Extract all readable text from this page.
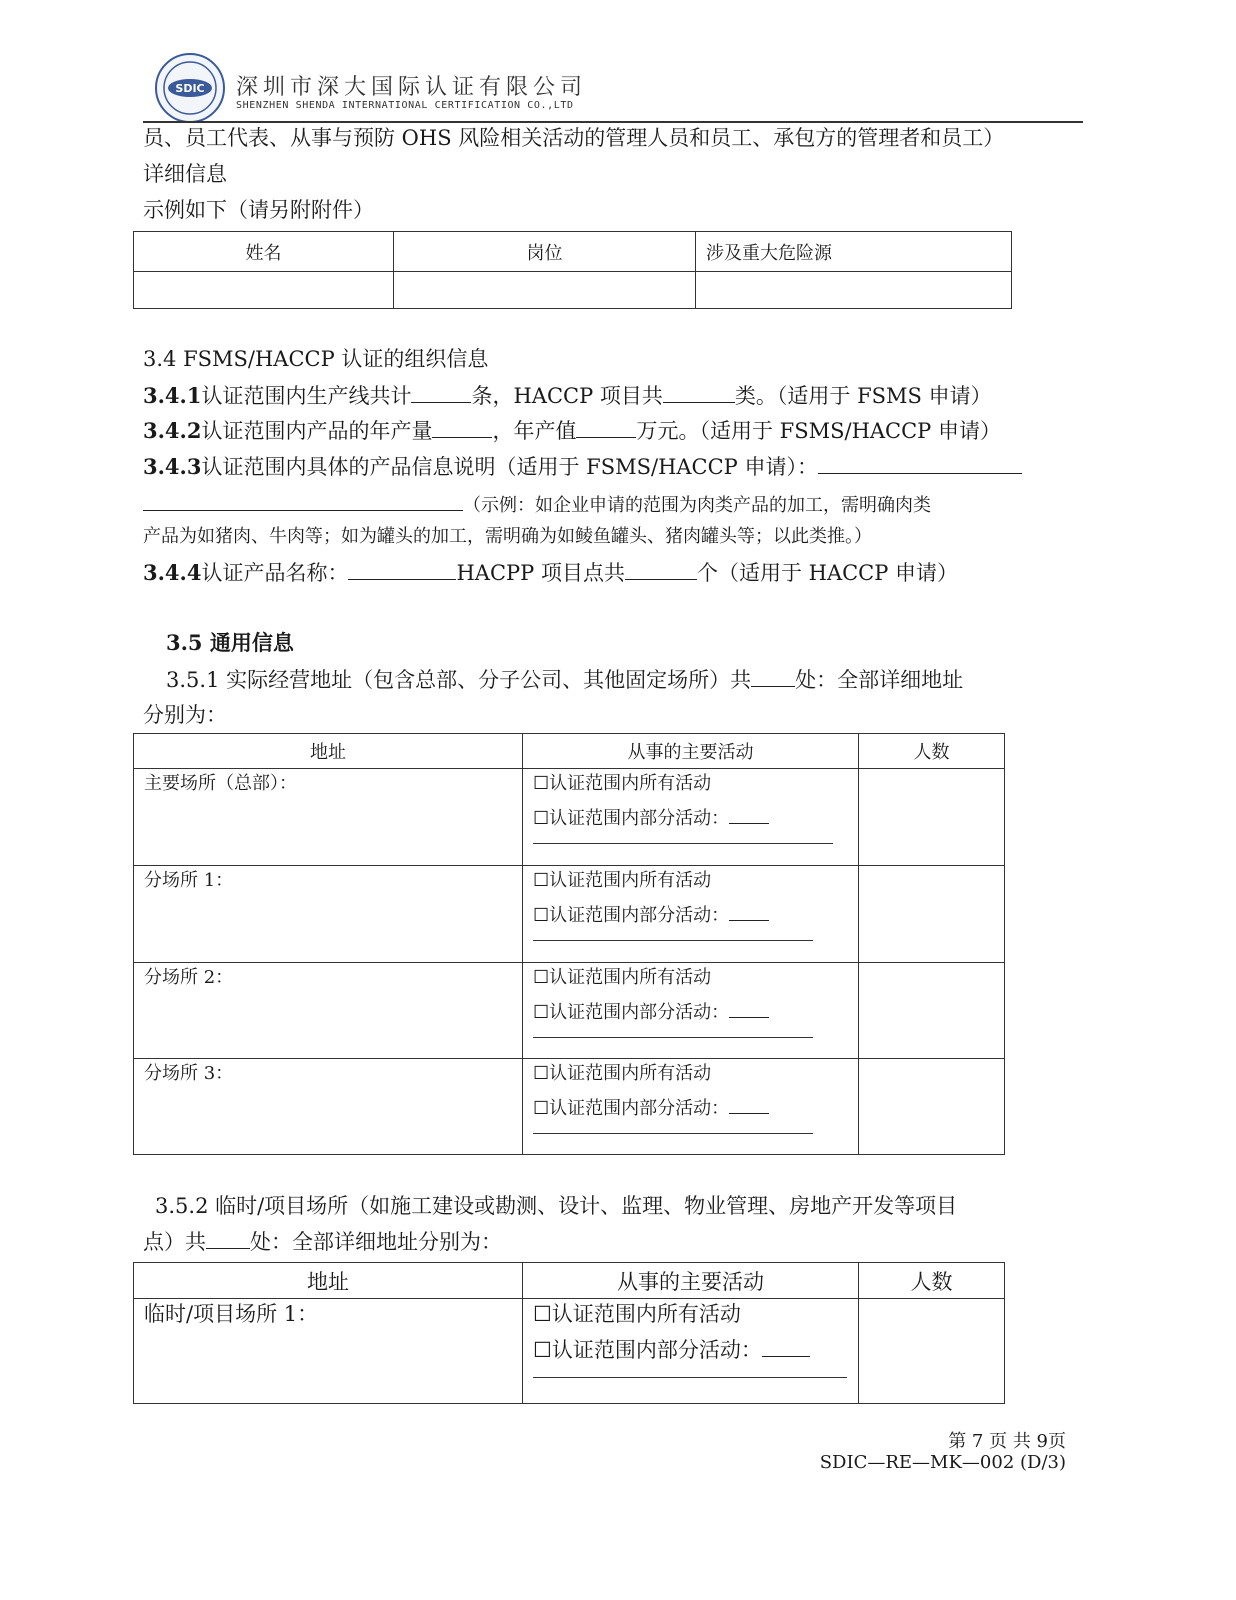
SDIC 深圳市深大国际认证有限公司
SHENZHEN SHENDA INTERNATIONAL CERTIFICATION CO.,LTD
员、员工代表、从事与预防 OHS 风险相关活动的管理人员和员工、承包方的管理者和员工）
详细信息
示例如下（请另附附件）
姓名	岗位	涉及重大危险源

3.4 FSMS/HACCP 认证的组织信息
3.4.1认证范围内生产线共计	条，HACCP 项目共	类。（适用于 FSMS 申请）
3.4.2认证范围内产品的年产量	，年产值	万元。（适用于 FSMS/HACCP 申请）
3.4.3认证范围内具体的产品信息说明（适用于 FSMS/HACCP 申请）：
（示例：如企业申请的范围为肉类产品的加工，需明确肉类
产品为如猪肉、牛肉等；如为罐头的加工，需明确为如鲮鱼罐头、猪肉罐头等；以此类推。）
3.4.4认证产品名称：	HACPP 项目点共	个（适用于 HACCP 申请）
3.5 通用信息
3.5.1 实际经营地址（包含总部、分子公司、其他固定场所）共 处：全部详细地址
分别为：
地址	从事的主要活动	人数

主要场所（总部）：	☐认证范围内所有活动
☐认证范围内部分活动：	

分场所 1：	☐认证范围内所有活动
☐认证范围内部分活动：	

分场所 2：	☐认证范围内所有活动
☐认证范围内部分活动：	

分场所 3：	☐认证范围内所有活动
☐认证范围内部分活动：	

3.5.2 临时/项目场所（如施工建设或勘测、设计、监理、物业管理、房地产开发等项目
点）共 处：全部详细地址分别为：
地址	从事的主要活动	人数

临时/项目场所 1：	☐认证范围内所有活动
☐认证范围内部分活动：	

第 7 页 共 9页
SDIC—RE—MK—002 (D/3)
